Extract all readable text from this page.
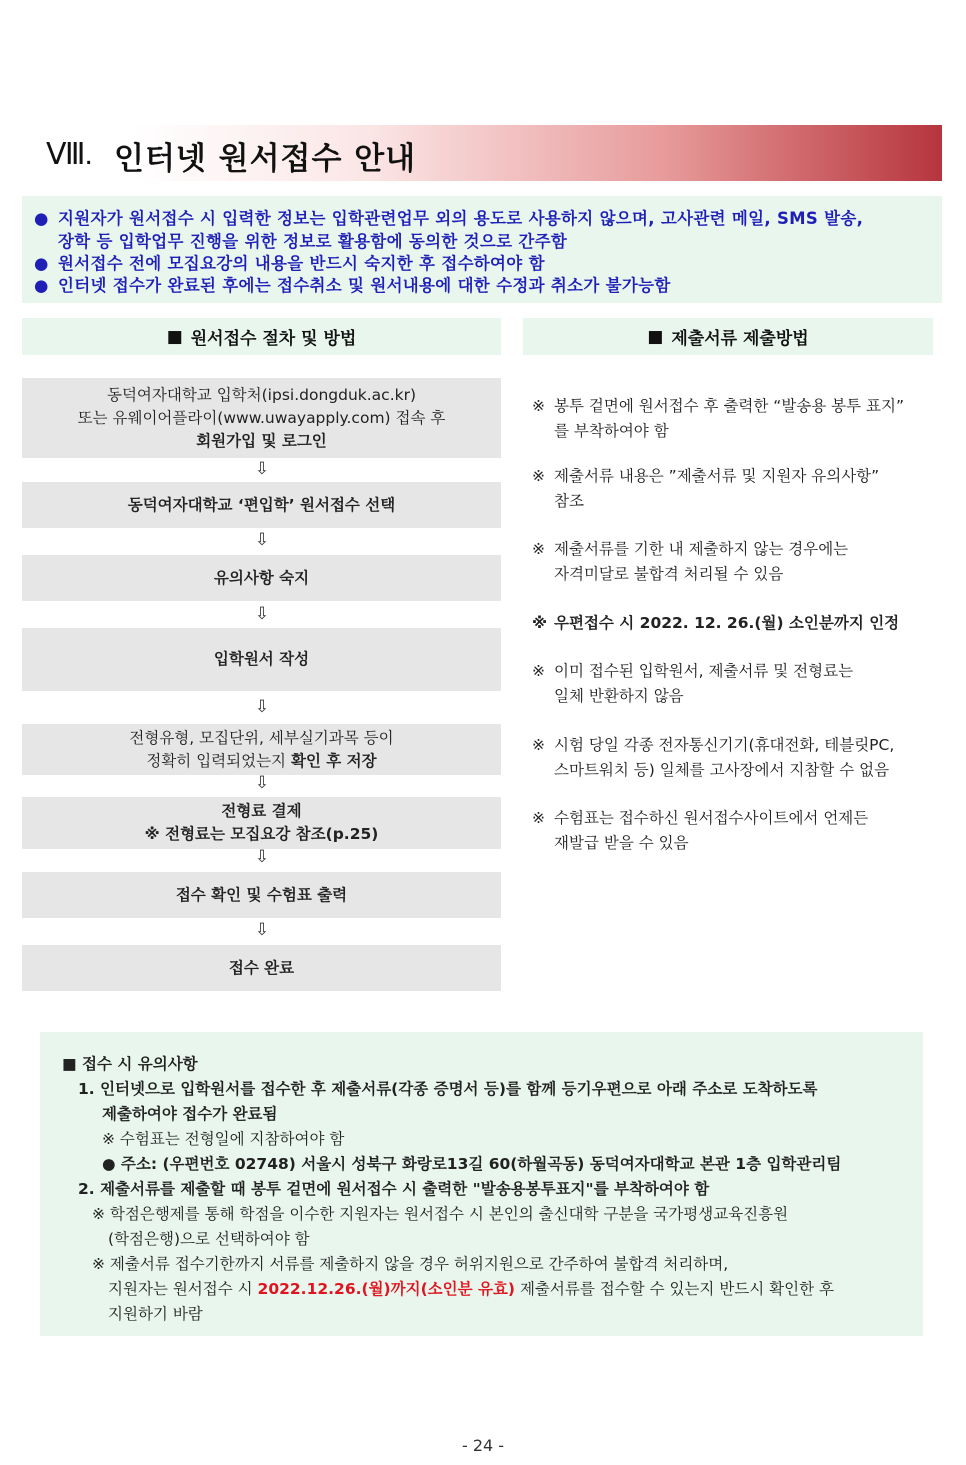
Ⅷ. 인터넷 원서접수 안내
● 지원자가 원서접수 시 입력한 정보는 입학관련업무 외의 용도로 사용하지 않으며, 고사관련 메일, SMS 발송,
장학 등 입학업무 진행을 위한 정보로 활용함에 동의한 것으로 간주함
● 원서접수 전에 모집요강의 내용을 반드시 숙지한 후 접수하여야 함
● 인터넷 접수가 완료된 후에는 접수취소 및 원서내용에 대한 수정과 취소가 불가능함
■ 원서접수 절차 및 방법	■ 제출서류 제출방법
동덕여자대학교 입학처(ipsi.dongduk.ac.kr)
또는 유웨이어플라이(www.uwayapply.com) 접속 후
회원가입 및 로그인
⇩
동덕여자대학교 ‘편입학’ 원서접수 선택
⇩
유의사항 숙지
⇩
입학원서 작성
⇩
전형유형, 모집단위, 세부실기과목 등이
정확히 입력되었는지 확인 후 저장
⇩
전형료 결제
※ 전형료는 모집요강 참조(p.25)
⇩
접수 확인 및 수험표 출력
⇩
접수 완료
※ 봉투 겉면에 원서접수 후 출력한 “발송용 봉투 표지”
를 부착하여야 함
※ 제출서류 내용은 ”제출서류 및 지원자 유의사항”
참조
※ 제출서류를 기한 내 제출하지 않는 경우에는
자격미달로 불합격 처리될 수 있음
※ 우편접수 시 2022. 12. 26.(월) 소인분까지 인정
※ 이미 접수된 입학원서, 제출서류 및 전형료는
일체 반환하지 않음
※ 시험 당일 각종 전자통신기기(휴대전화, 테블릿PC,
스마트워치 등) 일체를 고사장에서 지참할 수 없음
※ 수험표는 접수하신 원서접수사이트에서 언제든
재발급 받을 수 있음
■ 접수 시 유의사항
1. 인터넷으로 입학원서를 접수한 후 제출서류(각종 증명서 등)를 함께 등기우편으로 아래 주소로 도착하도록
제출하여야 접수가 완료됨
※ 수험표는 전형일에 지참하여야 함
● 주소: (우편번호 02748) 서울시 성북구 화랑로13길 60(하월곡동) 동덕여자대학교 본관 1층 입학관리팀
2. 제출서류를 제출할 때 봉투 겉면에 원서접수 시 출력한 "발송용봉투표지"를 부착하여야 함
※ 학점은행제를 통해 학점을 이수한 지원자는 원서접수 시 본인의 출신대학 구분을 국가평생교육진흥원
(학점은행)으로 선택하여야 함
※ 제출서류 접수기한까지 서류를 제출하지 않을 경우 허위지원으로 간주하여 불합격 처리하며,
지원자는 원서접수 시 2022.12.26.(월)까지(소인분 유효) 제출서류를 접수할 수 있는지 반드시 확인한 후
지원하기 바람
- 24 -
